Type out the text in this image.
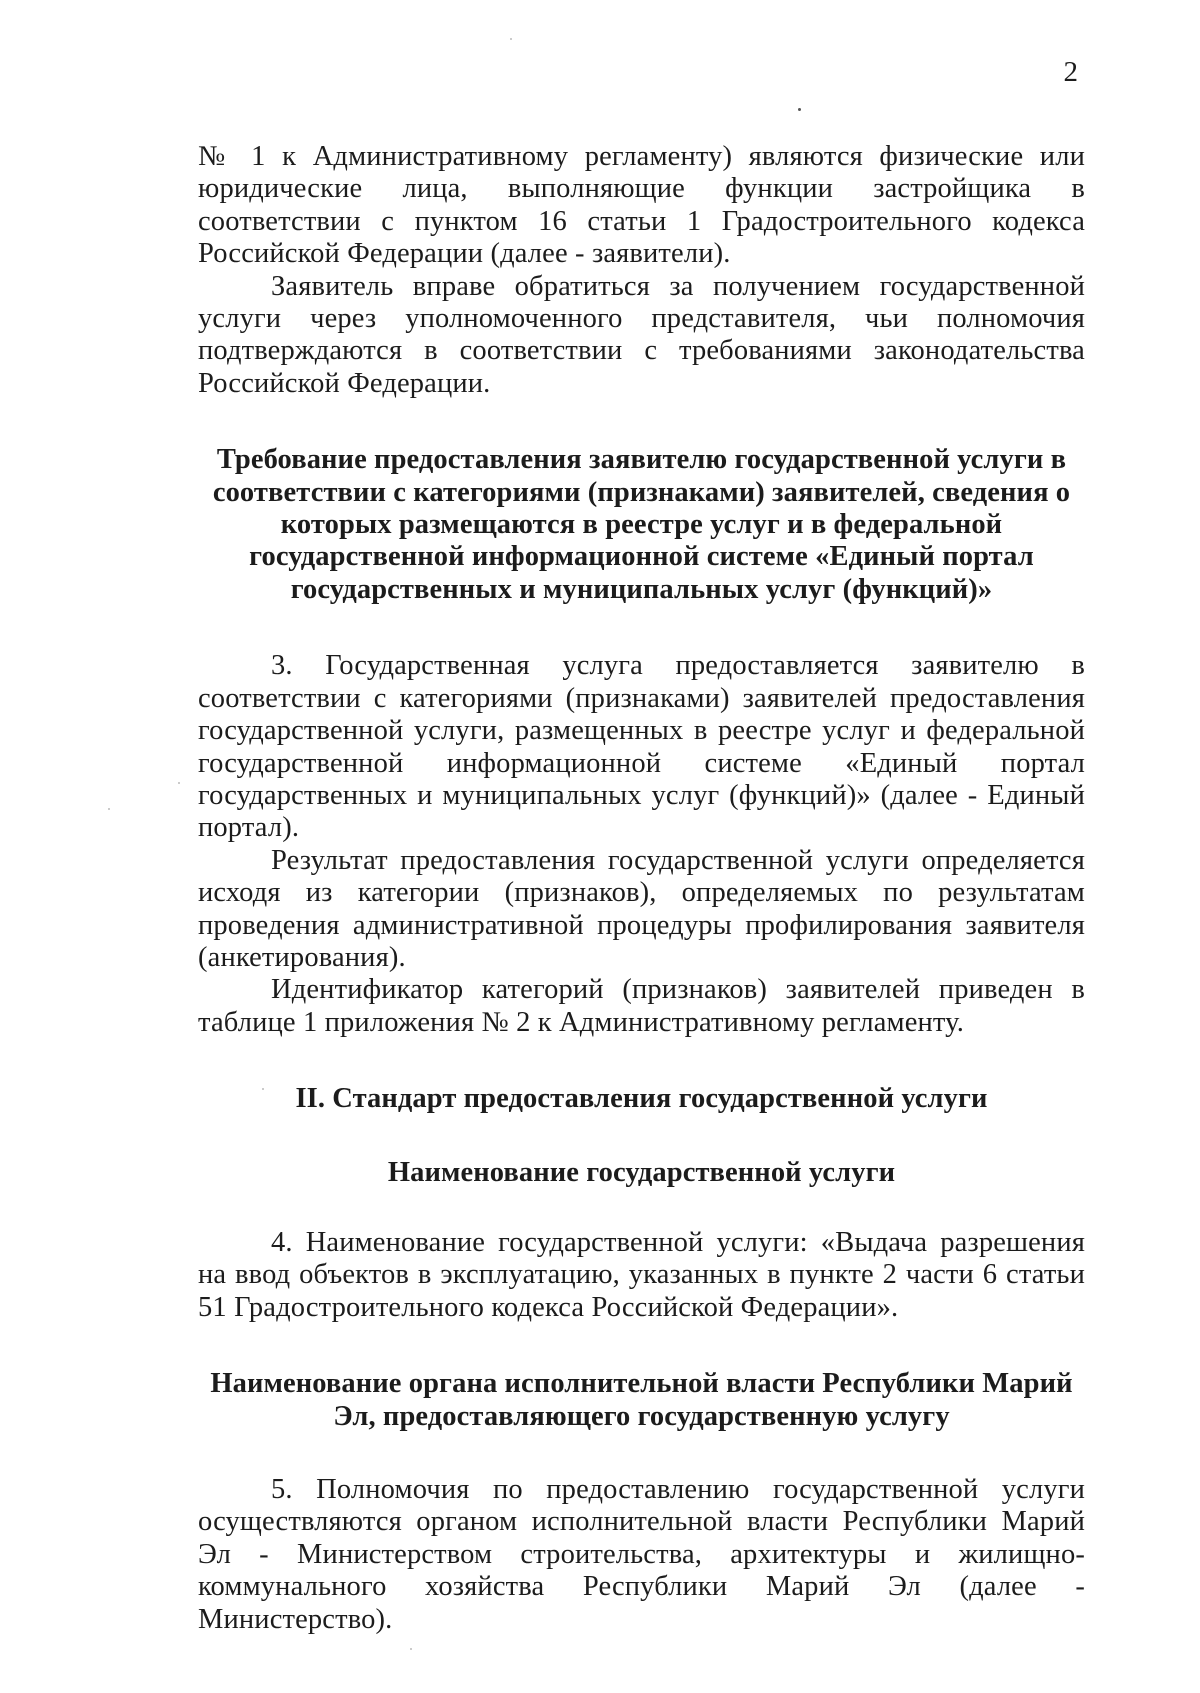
2

№ 1 к Административному регламенту) являются физические или юридические лица, выполняющие функции застройщика в соответствии с пунктом 16 статьи 1 Градостроительного кодекса Российской Федерации (далее - заявители).

Заявитель вправе обратиться за получением государственной услуги через уполномоченного представителя, чьи полномочия подтверждаются в соответствии с требованиями законодательства Российской Федерации.

Требование предоставления заявителю государственной услуги в соответствии с категориями (признаками) заявителей, сведения о которых размещаются в реестре услуг и в федеральной государственной информационной системе «Единый портал государственных и муниципальных услуг (функций)»

3. Государственная услуга предоставляется заявителю в соответствии с категориями (признаками) заявителей предоставления государственной услуги, размещенных в реестре услуг и федеральной государственной информационной системе «Единый портал государственных и муниципальных услуг (функций)» (далее - Единый портал).

Результат предоставления государственной услуги определяется исходя из категории (признаков), определяемых по результатам проведения административной процедуры профилирования заявителя (анкетирования).

Идентификатор категорий (признаков) заявителей приведен в таблице 1 приложения № 2 к Административному регламенту.

II. Стандарт предоставления государственной услуги
Наименование государственной услуги

4. Наименование государственной услуги: «Выдача разрешения на ввод объектов в эксплуатацию, указанных в пункте 2 части 6 статьи 51 Градостроительного кодекса Российской Федерации».

Наименование органа исполнительной власти Республики Марий Эл, предоставляющего государственную услугу

5. Полномочия по предоставлению государственной услуги осуществляются органом исполнительной власти Республики Марий Эл - Министерством строительства, архитектуры и жилищно-коммунального хозяйства Республики Марий Эл (далее - Министерство).
